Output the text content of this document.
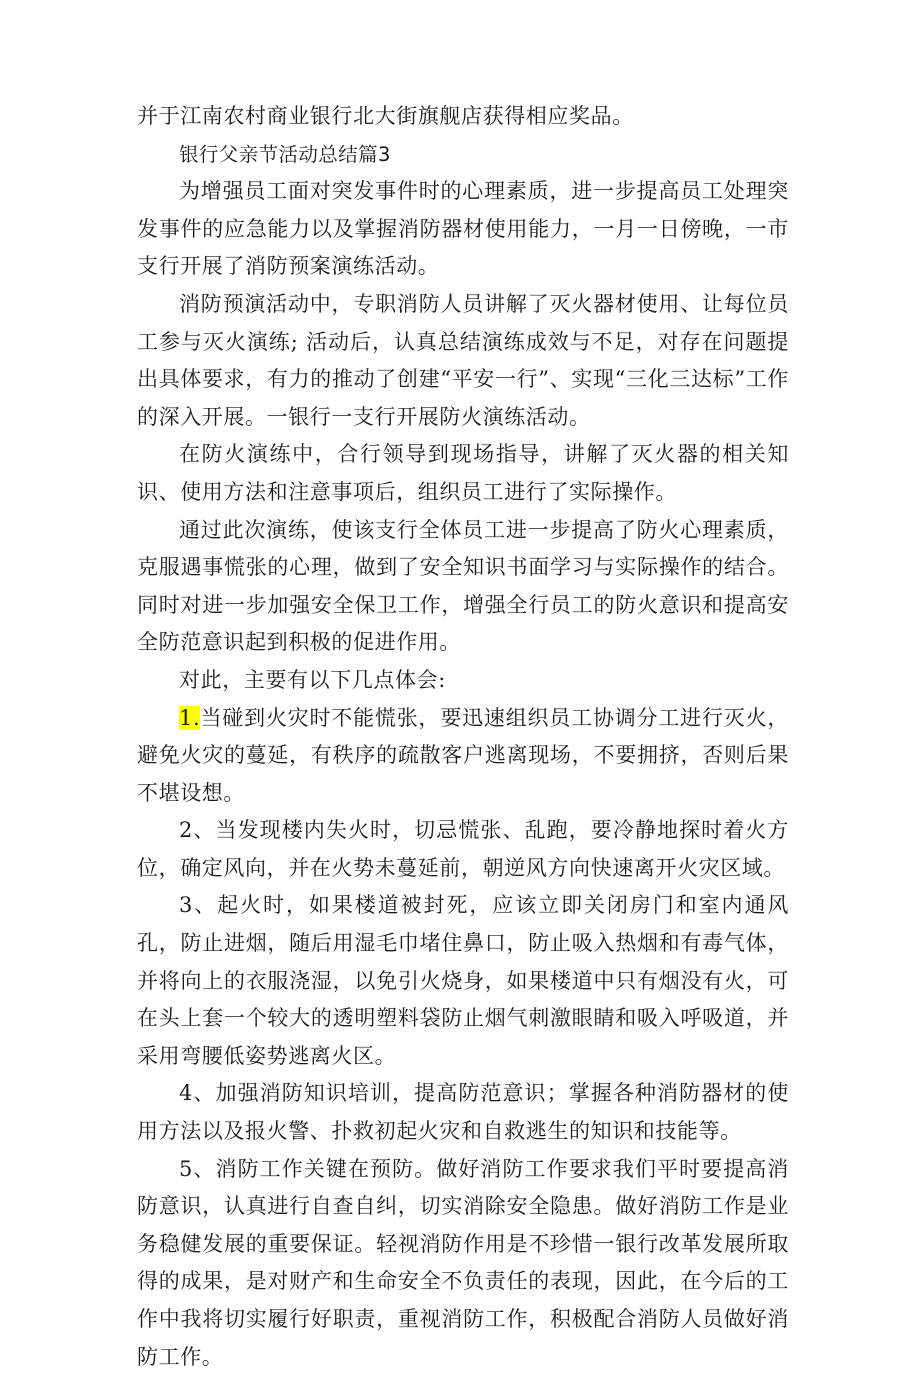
并于江南农村商业银行北大街旗舰店获得相应奖品。

银行父亲节活动总结篇3

为增强员工面对突发事件时的心理素质，进一步提高员工处理突发事件的应急能力以及掌握消防器材使用能力，一月一日傍晚，一市支行开展了消防预案演练活动。

消防预演活动中，专职消防人员讲解了灭火器材使用、让每位员工参与灭火演练; 活动后，认真总结演练成效与不足，对存在问题提出具体要求，有力的推动了创建“平安一行”、实现“三化三达标”工作的深入开展。一银行一支行开展防火演练活动。

在防火演练中，合行领导到现场指导，讲解了灭火器的相关知识、使用方法和注意事项后，组织员工进行了实际操作。

通过此次演练，使该支行全体员工进一步提高了防火心理素质，克服遇事慌张的心理，做到了安全知识书面学习与实际操作的结合。同时对进一步加强安全保卫工作，增强全行员工的防火意识和提高安全防范意识起到积极的促进作用。

对此，主要有以下几点体会:

1.当碰到火灾时不能慌张，要迅速组织员工协调分工进行灭火，避免火灾的蔓延，有秩序的疏散客户逃离现场，不要拥挤，否则后果不堪设想。

2、当发现楼内失火时，切忌慌张、乱跑，要冷静地探时着火方位，确定风向，并在火势未蔓延前，朝逆风方向快速离开火灾区域。

3、起火时，如果楼道被封死，应该立即关闭房门和室内通风孔，防止进烟，随后用湿毛巾堵住鼻口，防止吸入热烟和有毒气体，并将向上的衣服浇湿，以免引火烧身，如果楼道中只有烟没有火，可在头上套一个较大的透明塑料袋防止烟气刺激眼睛和吸入呼吸道，并采用弯腰低姿势逃离火区。

4、加强消防知识培训，提高防范意识；掌握各种消防器材的使用方法以及报火警、扑救初起火灾和自救逃生的知识和技能等。

5、消防工作关键在预防。做好消防工作要求我们平时要提高消防意识，认真进行自查自纠，切实消除安全隐患。做好消防工作是业务稳健发展的重要保证。轻视消防作用是不珍惜一银行改革发展所取得的成果，是对财产和生命安全不负责任的表现，因此，在今后的工作中我将切实履行好职责，重视消防工作，积极配合消防人员做好消防工作。
